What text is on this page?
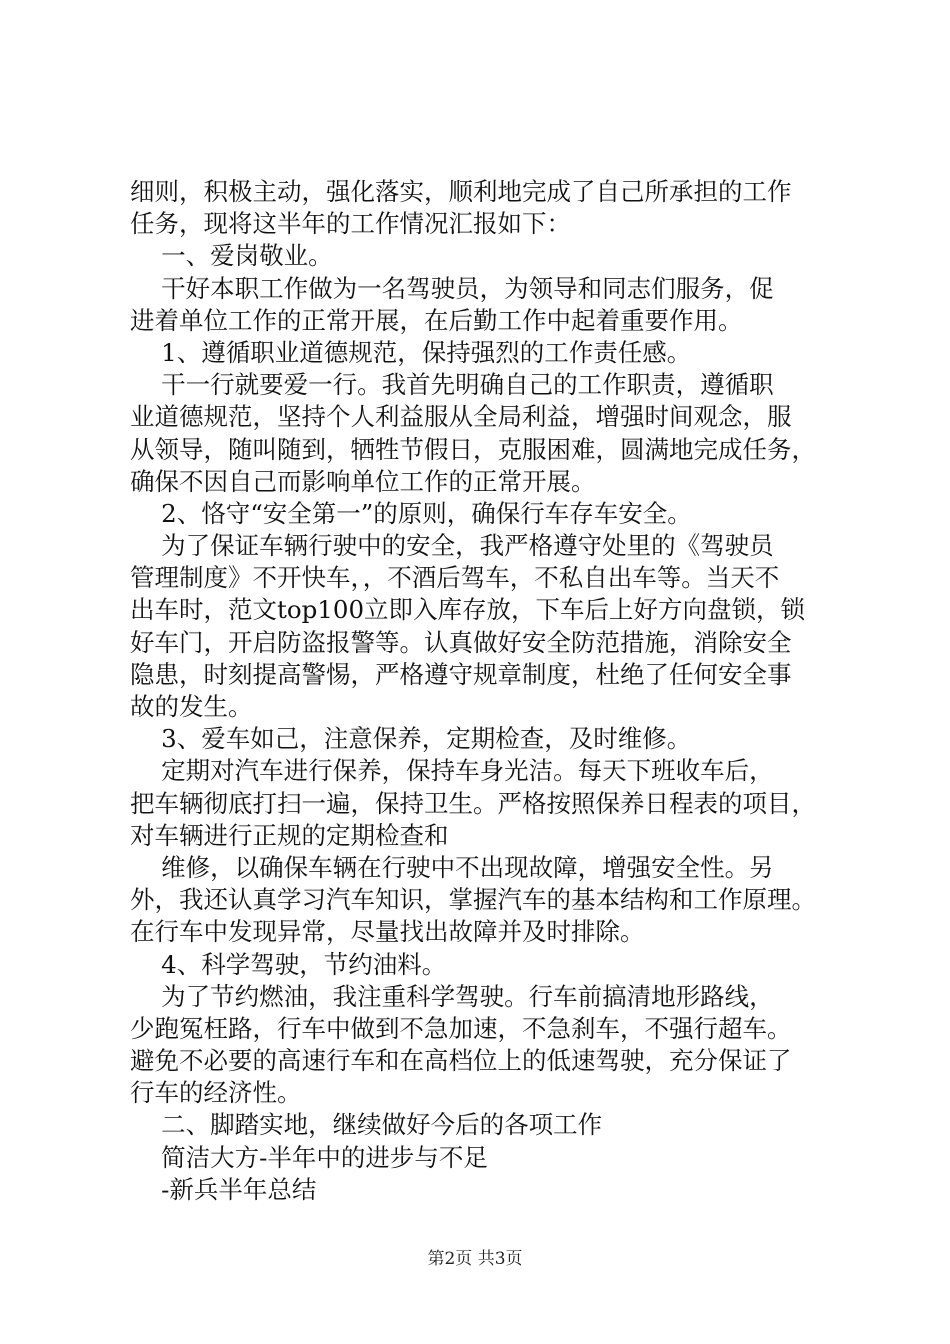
细则，积极主动，强化落实，顺利地完成了自己所承担的工作
任务，现将这半年的工作情况汇报如下：
一、爱岗敬业。
干好本职工作做为一名驾驶员，为领导和同志们服务，促
进着单位工作的正常开展，在后勤工作中起着重要作用。
1、遵循职业道德规范，保持强烈的工作责任感。
干一行就要爱一行。我首先明确自己的工作职责，遵循职
业道德规范，坚持个人利益服从全局利益，增强时间观念，服
从领导，随叫随到，牺牲节假日，克服困难，圆满地完成任务，
确保不因自己而影响单位工作的正常开展。
2、恪守“安全第一”的原则，确保行车存车安全。
为了保证车辆行驶中的安全，我严格遵守处里的《驾驶员
管理制度》不开快车，，不酒后驾车，不私自出车等。当天不
出车时，范文top100立即入库存放，下车后上好方向盘锁，锁
好车门，开启防盗报警等。认真做好安全防范措施，消除安全
隐患，时刻提高警惕，严格遵守规章制度，杜绝了任何安全事
故的发生。
3、爱车如己，注意保养，定期检查，及时维修。
定期对汽车进行保养，保持车身光洁。每天下班收车后，
把车辆彻底打扫一遍，保持卫生。严格按照保养日程表的项目，
对车辆进行正规的定期检查和
维修，以确保车辆在行驶中不出现故障，增强安全性。另
外，我还认真学习汽车知识，掌握汽车的基本结构和工作原理。
在行车中发现异常，尽量找出故障并及时排除。
4、科学驾驶，节约油料。
为了节约燃油，我注重科学驾驶。行车前搞清地形路线，
少跑冤枉路，行车中做到不急加速，不急刹车，不强行超车。
避免不必要的高速行车和在高档位上的低速驾驶，充分保证了
行车的经济性。
二、脚踏实地，继续做好今后的各项工作
简洁大方-半年中的进步与不足
-新兵半年总结
第2页 共3页
